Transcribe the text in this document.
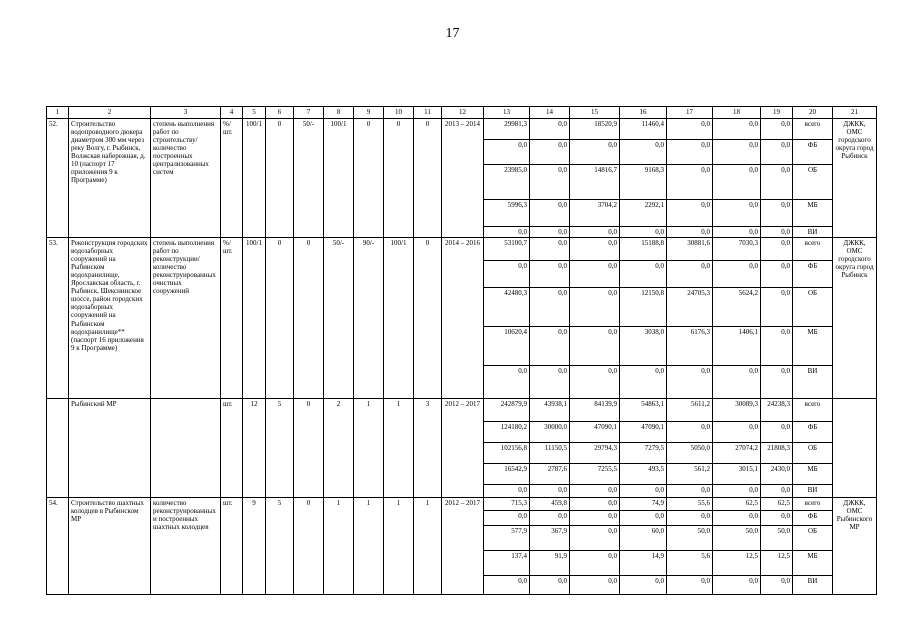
17
1	2	3	4	5	6	7	8	9	10	11	12	13	14	15	16	17	18	19	20	21
52.	Строительство водопроводного дюкера диаметром 300 мм через реку Волгу, г. Рыбинск, Волжская набережная, д. 10 (паспорт 17 приложения 9 к Программе)	степень выполнения работ по строительству/ количество построенных централизованных систем	%/ шт.	100/1	0	50/-	100/1	0	0	0	2013 – 2014	29981,3	0,0	18520,9	11460,4	0,0	0,0	0,0	всего	ДЖКК, ОМС городского округа город Рыбинск
												0,0	0,0	0,0	0,0	0,0	0,0	0,0	ФБ	
												23985,0	0,0	14816,7	9168,3	0,0	0,0	0,0	ОБ	
												5996,3	0,0	3704,2	2292,1	0,0	0,0	0,0	МБ	
												0,0	0,0	0,0	0,0	0,0	0,0	0,0	ВИ	
53.	Реконструкция городских водозаборных сооружений на Рыбинском водохранилище, Ярославская область, г. Рыбинск, Шекснинское шоссе, район городских водозаборных сооружений на Рыбинском водохранилище** (паспорт 16 приложения 9 к Программе)	степень выполнения работ по реконструкции/ количество реконструированных очистных сооружений	%/ шт.	100/1	0	0	50/-	90/-	100/1	0	2014 – 2016	53100,7	0,0	0,0	15188,8	30881,6	7030,3	0,0	всего	ДЖКК, ОМС городского округа город Рыбинск
												0,0	0,0	0,0	0,0	0,0	0,0	0,0	ФБ	
												42480,3	0,0	0,0	12150,8	24705,3	5624,2	0,0	ОБ	
												10620,4	0,0	0,0	3038,0	6176,3	1406,1	0,0	МБ	
												0,0	0,0	0,0	0,0	0,0	0,0	0,0	ВИ	
	Рыбинский МР		шт.	12	5	0	2	1	1	3	2012 – 2017	242879,9	43938,1	84139,9	54863,1	5611,2	30089,3	24238,3	всего	
												124180,2	30000,0	47090,1	47090,1	0,0	0,0	0,0	ФБ	
												102156,8	11150,5	29794,3	7279,5	5050,0	27074,2	21808,3	ОБ	
												16542,9	2787,6	7255,5	493,5	561,2	3015,1	2430,0	МБ	
												0,0	0,0	0,0	0,0	0,0	0,0	0,0	ВИ	
54.	Строительство шахтных колодцев в Рыбинском МР	количество реконструированных и построенных шахтных колодцев	шт.	9	5	0	1	1	1	1	2012 – 2017	715,3	459,8	0,0	74,9	55,6	62,5	62,5	всего	ДЖКК, ОМС Рыбинского МР
												0,0	0,0	0,0	0,0	0,0	0,0	0,0	ФБ	
												577,9	367,9	0,0	60,0	50,0	50,0	50,0	ОБ	
												137,4	91,9	0,0	14,9	5,6	12,5	12,5	МБ	
												0,0	0,0	0,0	0,0	0,0	0,0	0,0	ВИ	
